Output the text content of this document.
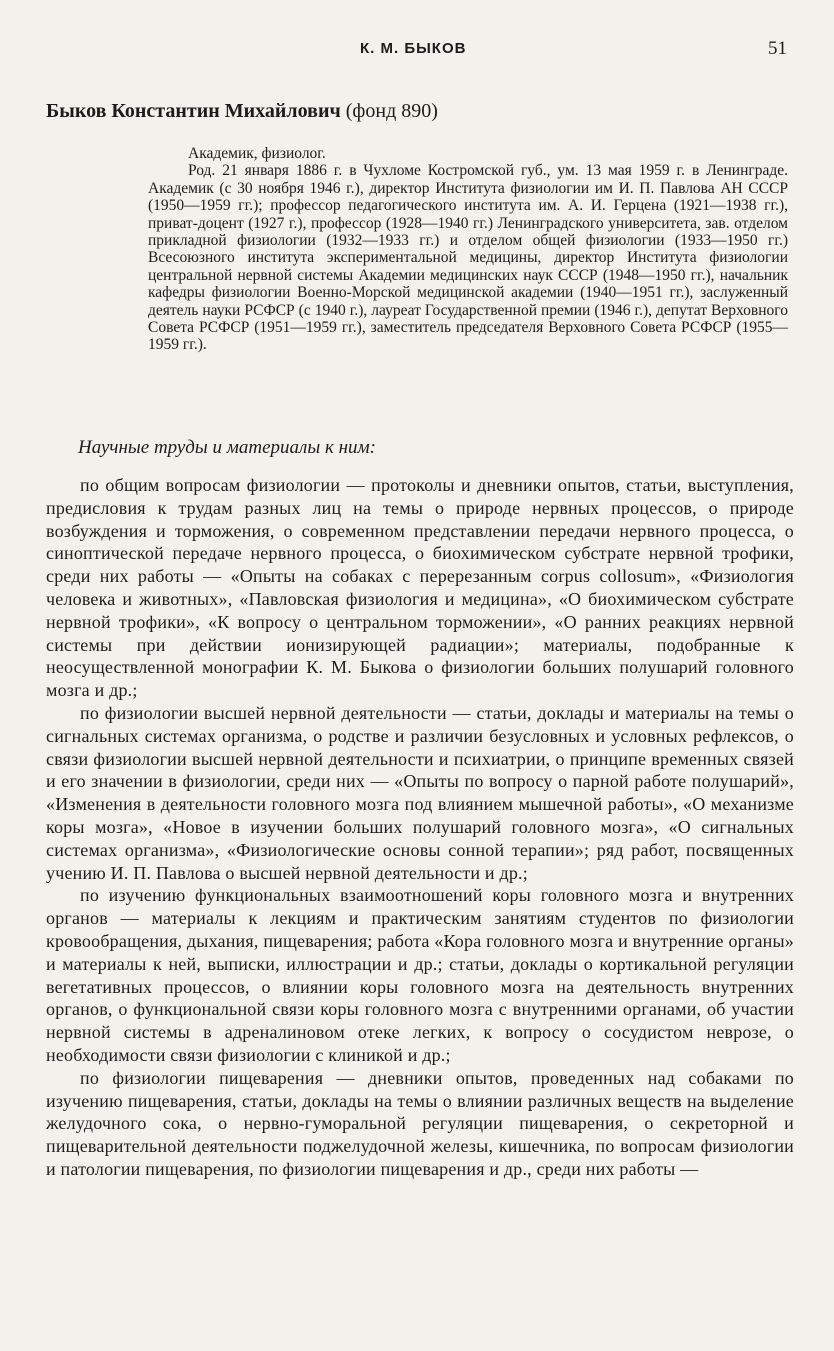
К. М. БЫКОВ	51
Быков Константин Михайлович (фонд 890)

Академик, физиолог.

Род. 21 января 1886 г. в Чухломе Костромской губ., ум. 13 мая 1959 г. в Ленинграде. Академик (с 30 ноября 1946 г.), директор Института физиологии им И. П. Павлова АН СССР (1950—1959 гг.); профессор педагогического института им. А. И. Герцена (1921—1938 гг.), приват-доцент (1927 г.), профессор (1928—1940 гг.) Ленинградского университета, зав. отделом прикладной физиологии (1932—1933 гг.) и отделом общей физиологии (1933—1950 гг.) Всесоюзного института экспериментальной медицины, директор Института физиологии центральной нервной системы Академии медицинских наук СССР (1948—1950 гг.), начальник кафедры физиологии Военно-Морской медицинской академии (1940—1951 гг.), заслуженный деятель науки РСФСР (с 1940 г.), лауреат Государственной премии (1946 г.), депутат Верховного Совета РСФСР (1951—1959 гг.), заместитель председателя Верховного Совета РСФСР (1955—1959 гг.).

Научные труды и материалы к ним:

по общим вопросам физиологии — протоколы и дневники опытов, статьи, выступления, предисловия к трудам разных лиц на темы о природе нервных процессов, о природе возбуждения и торможения, о современном представлении передачи нервного процесса, о синоптической передаче нервного процесса, о биохимическом субстрате нервной трофики, среди них работы — «Опыты на собаках с перерезанным corpus collosum», «Физиология человека и животных», «Павловская физиология и медицина», «О биохимическом субстрате нервной трофики», «К вопросу о центральном торможении», «О ранних реакциях нервной системы при действии ионизирующей радиации»; материалы, подобранные к неосуществленной монографии К. М. Быкова о физиологии больших полушарий головного мозга и др.;

по физиологии высшей нервной деятельности — статьи, доклады и материалы на темы о сигнальных системах организма, о родстве и различии безусловных и условных рефлексов, о связи физиологии высшей нервной деятельности и психиатрии, о принципе временных связей и его значении в физиологии, среди них — «Опыты по вопросу о парной работе полушарий», «Изменения в деятельности головного мозга под влиянием мышечной работы», «О механизме коры мозга», «Новое в изучении больших полушарий головного мозга», «О сигнальных системах организма», «Физиологические основы сонной терапии»; ряд работ, посвященных учению И. П. Павлова о высшей нервной деятельности и др.;

по изучению функциональных взаимоотношений коры головного мозга и внутренних органов — материалы к лекциям и практическим занятиям студентов по физиологии кровообращения, дыхания, пищеварения; работа «Кора головного мозга и внутренние органы» и материалы к ней, выписки, иллюстрации и др.; статьи, доклады о кортикальной регуляции вегетативных процессов, о влиянии коры головного мозга на деятельность внутренних органов, о функциональной связи коры головного мозга с внутренними органами, об участии нервной системы в адреналиновом отеке легких, к вопросу о сосудистом неврозе, о необходимости связи физиологии с клиникой и др.;

по физиологии пищеварения — дневники опытов, проведенных над собаками по изучению пищеварения, статьи, доклады на темы о влиянии различных веществ на выделение желудочного сока, о нервно-гуморальной регуляции пищеварения, о секреторной и пищеварительной деятельности поджелудочной железы, кишечника, по вопросам физиологии и патологии пищеварения, по физиологии пищеварения и др., среди них работы —
